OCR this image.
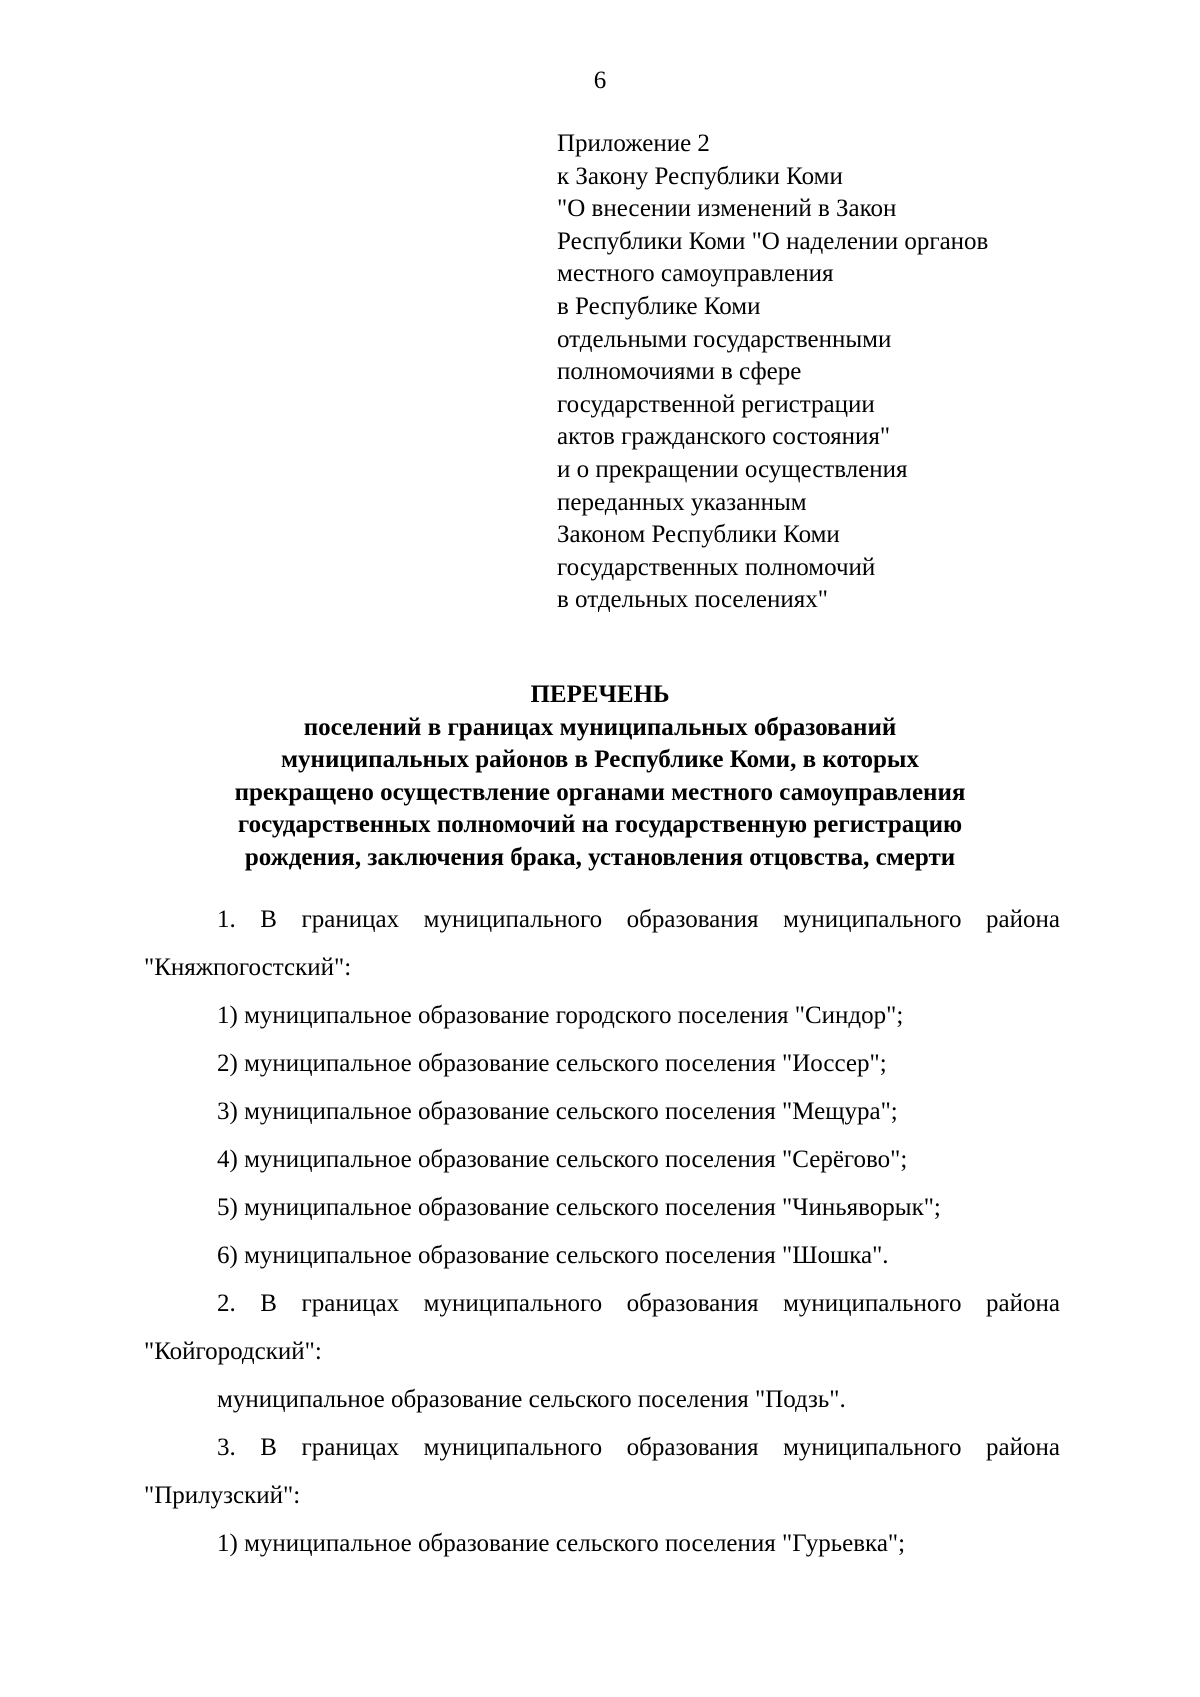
6
Приложение 2
к Закону Республики Коми
"О внесении изменений в Закон
Республики Коми "О наделении органов
местного самоуправления
в Республике Коми
отдельными государственными
полномочиями в сфере
государственной регистрации
актов гражданского состояния"
и о прекращении осуществления
переданных указанным
Законом Республики Коми
государственных полномочий
в отдельных поселениях"
ПЕРЕЧЕНЬ
поселений в границах муниципальных образований
муниципальных районов в Республике Коми, в которых
прекращено осуществление органами местного самоуправления
государственных полномочий на государственную регистрацию
рождения, заключения брака, установления отцовства, смерти
1. В границах муниципального образования муниципального района
"Княжпогостский":
1) муниципальное образование городского поселения "Синдор";
2) муниципальное образование сельского поселения "Иоссер";
3) муниципальное образование сельского поселения "Мещура";
4) муниципальное образование сельского поселения "Серёгово";
5) муниципальное образование сельского поселения "Чиньяворык";
6) муниципальное образование сельского поселения "Шошка".
2. В границах муниципального образования муниципального района
"Койгородский":
муниципальное образование сельского поселения "Подзь".
3. В границах муниципального образования муниципального района
"Прилузский":
1) муниципальное образование сельского поселения "Гурьевка";
